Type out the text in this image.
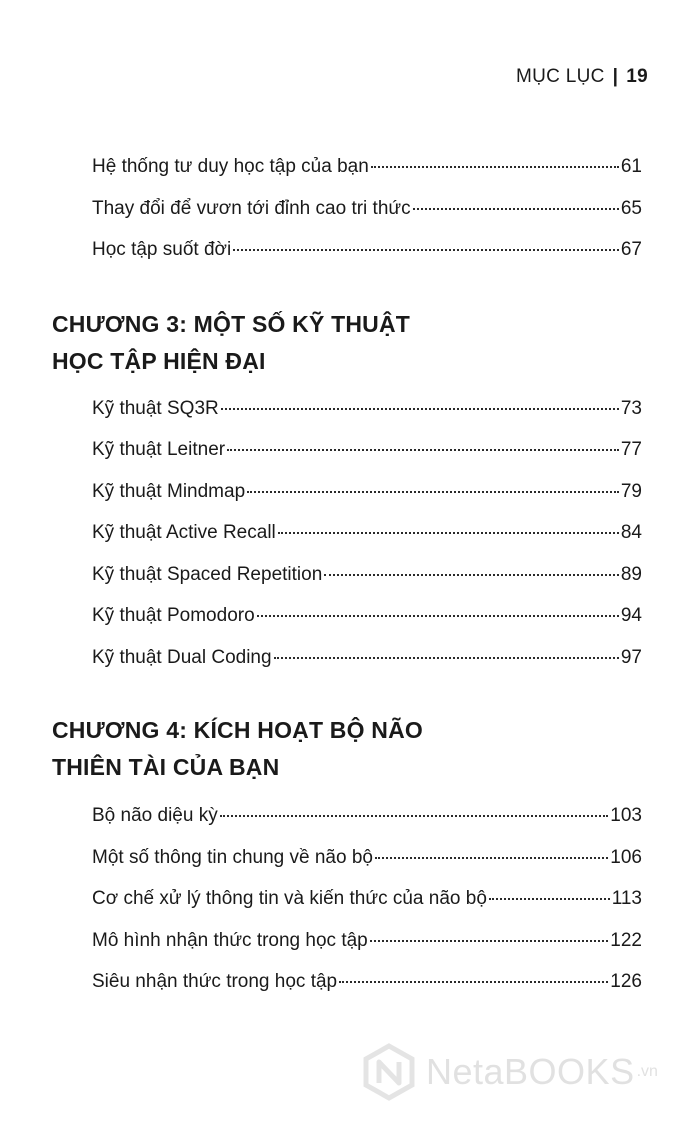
MỤC LỤC | 19
Hệ thống tư duy học tập của bạn	61
Thay đổi để vươn tới đỉnh cao tri thức	65
Học tập suốt đời	67
CHƯƠNG 3: MỘT SỐ KỸ THUẬT
HỌC TẬP HIỆN ĐẠI
Kỹ thuật SQ3R	73
Kỹ thuật Leitner	77
Kỹ thuật Mindmap	79
Kỹ thuật Active Recall	84
Kỹ thuật Spaced Repetition	89
Kỹ thuật Pomodoro	94
Kỹ thuật Dual Coding	97
CHƯƠNG 4: KÍCH HOẠT BỘ NÃO
THIÊN TÀI CỦA BẠN
Bộ não diệu kỳ	103
Một số thông tin chung về não bộ	106
Cơ chế xử lý thông tin và kiến thức của não bộ	113
Mô hình nhận thức trong học tập	122
Siêu nhận thức trong học tập	126
NetaBOOKS .vn
